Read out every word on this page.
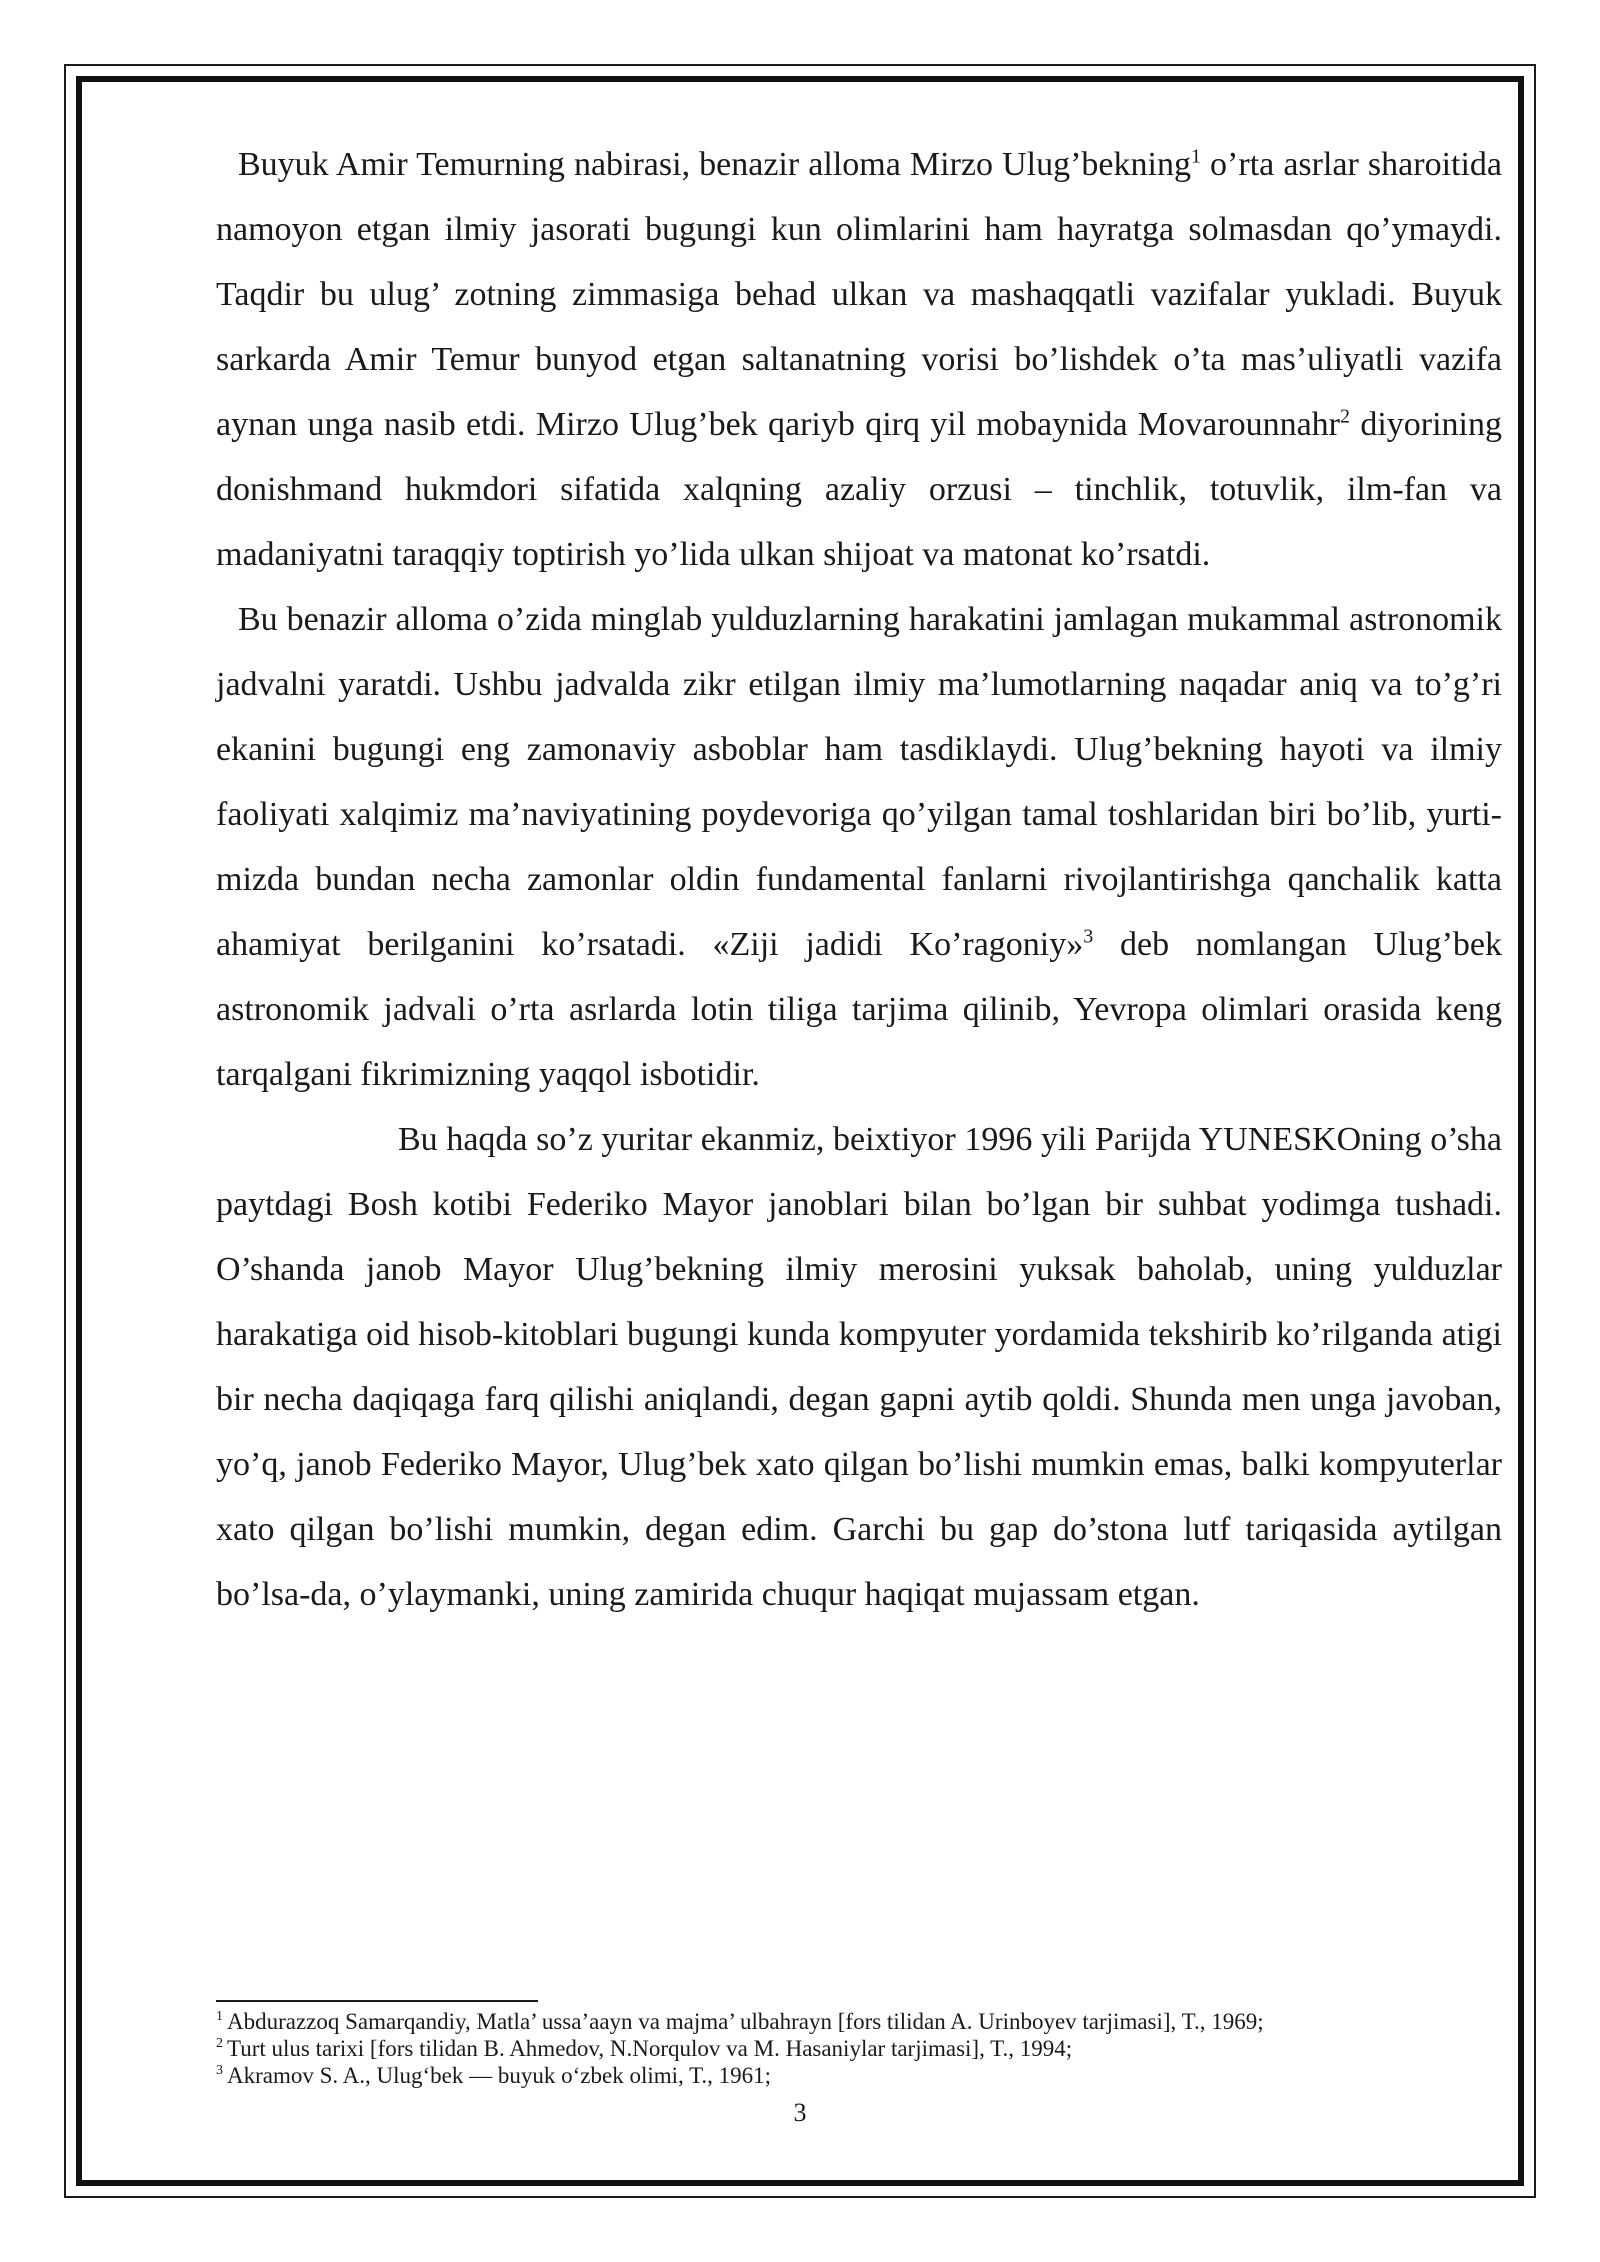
Buyuk Amir Temurning nabirasi, benazir alloma Mirzo Ulug’bekning$^1$ o’rta asrlar sharoitida namoyon etgan ilmiy jasorati bugungi kun olimlarini ham hayratga solmasdan qo’ymaydi. Taqdir bu ulug’ zotning zimmasiga behad ulkan va mashaqqatli vazifalar yukladi. Buyuk sarkarda Amir Temur bunyod etgan saltanatning vorisi bo’lishdek o’ta mas’uliyatli vazifa aynan unga nasib etdi. Mirzo Ulug’bek qariyb qirq yil mobaynida Movarounnahr$^2$ diyorining donishmand hukmdori sifatida xalqning azaliy orzusi – tinchlik, totuvlik, ilm-fan va madaniyatni taraqqiy toptirish yo’lida ulkan shijoat va matonat ko’rsatdi.

Bu benazir alloma o’zida minglab yulduzlarning harakatini jamlagan mukammal astronomik jadvalni yaratdi. Ushbu jadvalda zikr etilgan ilmiy ma’lumotlarning naqadar aniq va to’g’ri ekanini bugungi eng zamonaviy asboblar ham tasdiklaydi. Ulug’bekning hayoti va ilmiy faoliyati xalqimiz ma’naviyatining poydevoriga qo’yilgan tamal toshlaridan biri bo’lib, yurti-mizda bundan necha zamonlar oldin fundamental fanlarni rivojlantirishga qanchalik katta ahamiyat berilganini ko’rsatadi. «Ziji jadidi Ko’ragoniy»$^3$ deb nomlangan Ulug’bek astronomik jadvali o’rta asrlarda lotin tiliga tarjima qilinib, Yevropa olimlari orasida keng tarqalgani fikrimizning yaqqol isbotidir.

Bu haqda so’z yuritar ekanmiz, beixtiyor 1996 yili Parijda YUNESKOning o’sha paytdagi Bosh kotibi Federiko Mayor janoblari bilan bo’lgan bir suhbat yodimga tushadi. O’shanda janob Mayor Ulug’bekning ilmiy merosini yuksak baholab, uning yulduzlar harakatiga oid hisob-kitoblari bugungi kunda kompyuter yordamida tekshirib ko’rilganda atigi bir necha daqiqaga farq qilishi aniqlandi, degan gapni aytib qoldi. Shunda men unga javoban, yo’q, janob Federiko Mayor, Ulug’bek xato qilgan bo’lishi mumkin emas, balki kompyuterlar xato qilgan bo’lishi mumkin, degan edim. Garchi bu gap do’stona lutf tariqasida aytilgan bo’lsa-da, o’ylaymanki, uning zamirida chuqur haqiqat mujassam etgan.

$^1$ Abdurazzoq Samarqandiy, Matla’ ussa’aayn va majma’ ulbahrayn [fors tilidan A. Urinboyev tarjimasi], T., 1969;

$^2$ Turt ulus tarixi [fors tilidan B. Ahmedov, N.Norqulov va M. Hasaniylar tarjimasi], T., 1994;

$^3$ Akramov S. A., Ulug‘bek — buyuk o‘zbek olimi, T., 1961;

3
